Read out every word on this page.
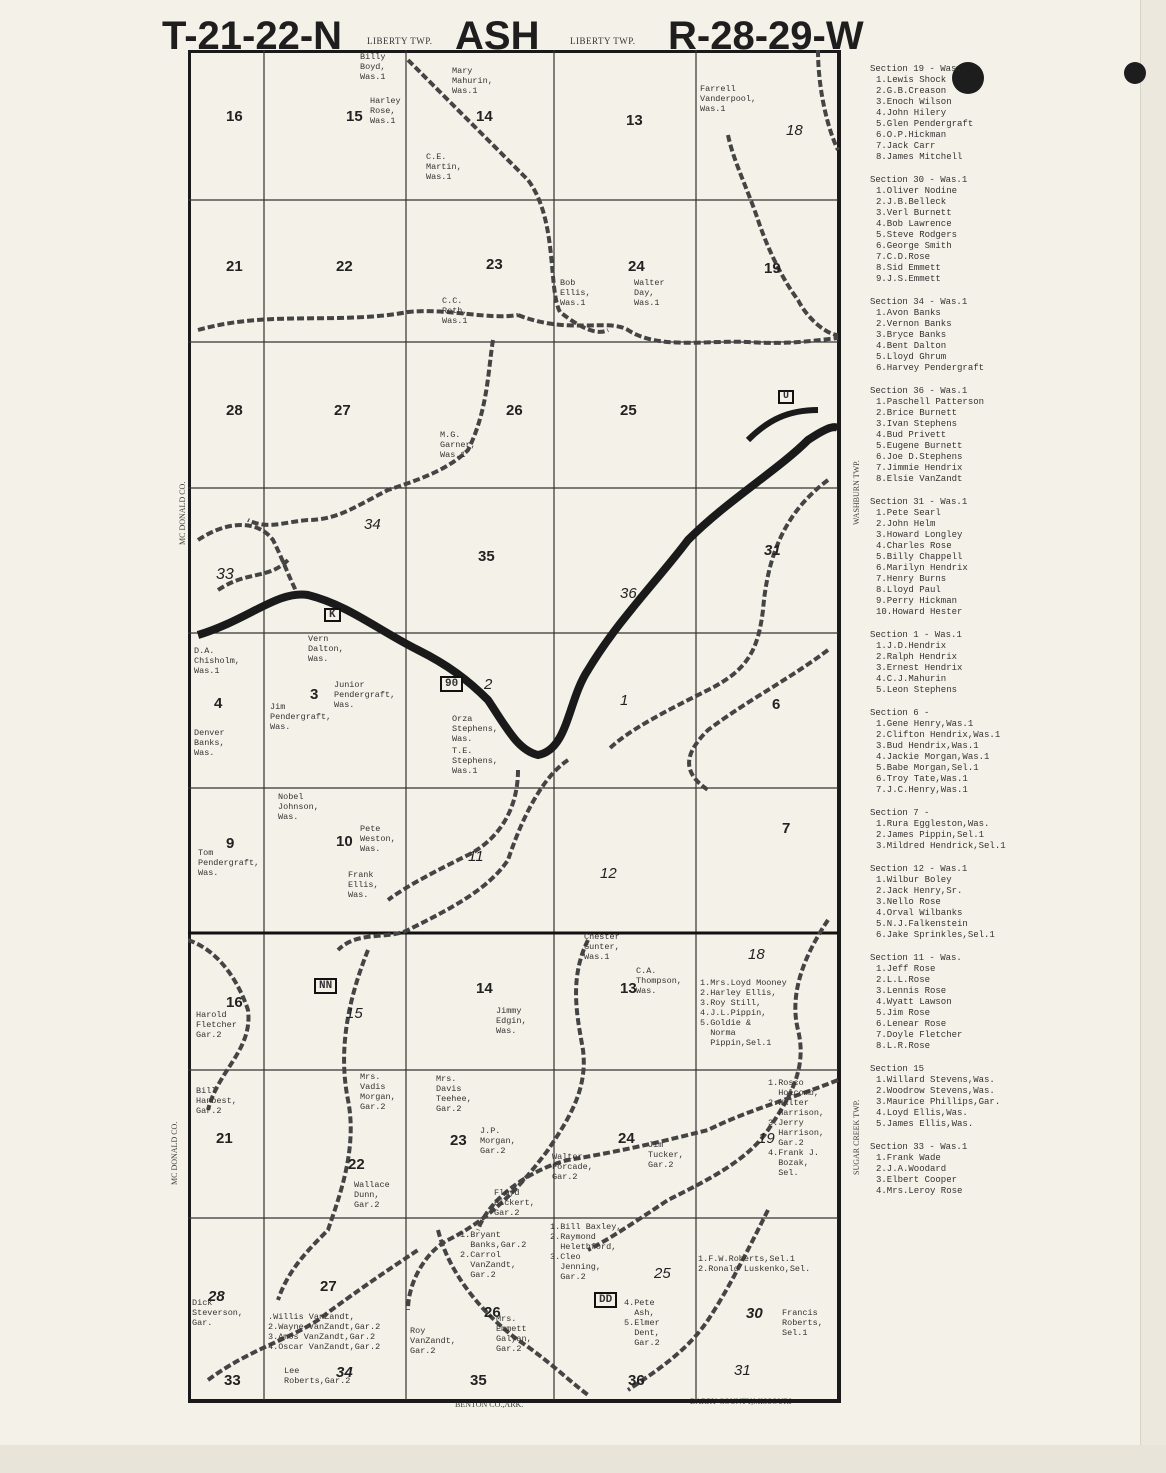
T-21-22-N	LIBERTY TWP. ASH	LIBERTY TWP. R-28-29-W
MC DONALD CO.
MC DONALD CO.
WASHBURN TWP.
SUGAR CREEK TWP.
BENTON CO.,ARK.	BARRY COUNTY,MISSOURI
16	15	14	13
18
21	22	23	24	19
28	27	26	25
34
35
36
33
31
4
3
2
1	6
9	10
11
12
7
16
15
14	13
18
21
22
23	24	19
28
27
26
25
30
33	34	35	36
31
K
90
U
NN
DD
Billy
Boyd,
Was.1
Harley
Rose,
Was.1
Mary
Mahurin,
Was.1	Farrell
Vanderpool,
Was.1
C.E.
Martin,
Was.1
C.C.
Roth,
Was.1
Bob
Ellis,
Was.1
Walter
Day,
Was.1
M.G.
Garner,
Was.1
Vern
Dalton,
Was.
D.A.
Chisholm,
Was.1
Junior
Pendergraft,
Was.
Jim
Pendergraft,
Was.
Denver
Banks,
Was.
Orza
Stephens,
Was.
T.E.
Stephens,
Was.1
Nobel
Johnson,
Was.
Pete
Weston,
Was.
Tom
Pendergraft,
Was.	Frank
Ellis,
Was.
Chester
Gunter,
Was.1
C.A.
Thompson,
Was.
Harold
Fletcher
Gar.2
Jimmy
Edgin,
Was.
1.Mrs.Loyd Mooney
2.Harley Ellis,
3.Roy Still,
4.J.L.Pippin,
5.Goldie &
Norma
Pippin,Sel.1
Bill
Hanbest,
Gar.2
Mrs.
Vadis
Morgan,
Gar.2
Mrs.
Davis
Teehee,
Gar.2
J.P.
Morgan,
Gar.2
Walter
Forcade,
Gar.2
Jim
Tucker,
Gar.2
1.Rosco
Holcomb,
2.Walter
Harrison,
3.Jerry
Harrison,
Gar.2
4.Frank J.
Bozak,
Sel.
Wallace
Dunn,
Gar.2
Floyd
Bickert,
Gar.2
Dick
Steverson,
Gar.
.Willis VanZandt,
2.Wayne VanZandt,Gar.2
3.Amos VanZandt,Gar.2
4.Oscar VanZandt,Gar.2
Roy
VanZandt,
Gar.2
1.Bryant
Banks,Gar.2
2.Carrol
VanZandt,
Gar.2
Mrs.
Emmett
Galyan,
Gar.2
1.Bill Baxley,
2.Raymond
Helethford,
3.Cleo
Jenning,
Gar.2
4.Pete
Ash,
5.Elmer
Dent,
Gar.2
1.F.W.Roberts,Sel.1
2.Ronald Luskenko,Sel.
Francis
Roberts,
Sel.1
Lee
Roberts,Gar.2
Section 19 - Was.
1.Lewis Shock
2.G.B.Creason
3.Enoch Wilson
4.John Hilery
5.Glen Pendergraft
6.O.P.Hickman
7.Jack Carr
8.James Mitchell
Section 30 - Was.1
1.Oliver Nodine
2.J.B.Belleck
3.Verl Burnett
4.Bob Lawrence
5.Steve Rodgers
6.George Smith
7.C.D.Rose
8.Sid Emmett
9.J.S.Emmett
Section 34 - Was.1
1.Avon Banks
2.Vernon Banks
3.Bryce Banks
4.Bent Dalton
5.Lloyd Ghrum
6.Harvey Pendergraft
Section 36 - Was.1
1.Paschell Patterson
2.Brice Burnett
3.Ivan Stephens
4.Bud Privett
5.Eugene Burnett
6.Joe D.Stephens
7.Jimmie Hendrix
8.Elsie VanZandt
Section 31 - Was.1
1.Pete Searl
2.John Helm
3.Howard Longley
4.Charles Rose
5.Billy Chappell
6.Marilyn Hendrix
7.Henry Burns
8.Lloyd Paul
9.Perry Hickman
10.Howard Hester
Section 1 - Was.1
1.J.D.Hendrix
2.Ralph Hendrix
3.Ernest Hendrix
4.C.J.Mahurin
5.Leon Stephens
Section 6 -
1.Gene Henry,Was.1
2.Clifton Hendrix,Was.1
3.Bud Hendrix,Was.1
4.Jackie Morgan,Was.1
5.Babe Morgan,Sel.1
6.Troy Tate,Was.1
7.J.C.Henry,Was.1
Section 7 -
1.Rura Eggleston,Was.
2.James Pippin,Sel.1
3.Mildred Hendrick,Sel.1
Section 12 - Was.1
1.Wilbur Boley
2.Jack Henry,Sr.
3.Nello Rose
4.Orval Wilbanks
5.N.J.Falkenstein
6.Jake Sprinkles,Sel.1
Section 11 - Was.
1.Jeff Rose
2.L.L.Rose
3.Lennis Rose
4.Wyatt Lawson
5.Jim Rose
6.Lenear Rose
7.Doyle Fletcher
8.L.R.Rose
Section 15
1.Willard Stevens,Was.
2.Woodrow Stevens,Was.
3.Maurice Phillips,Gar.
4.Loyd Ellis,Was.
5.James Ellis,Was.
Section 33 - Was.1
1.Frank Wade
2.J.A.Woodard
3.Elbert Cooper
4.Mrs.Leroy Rose
